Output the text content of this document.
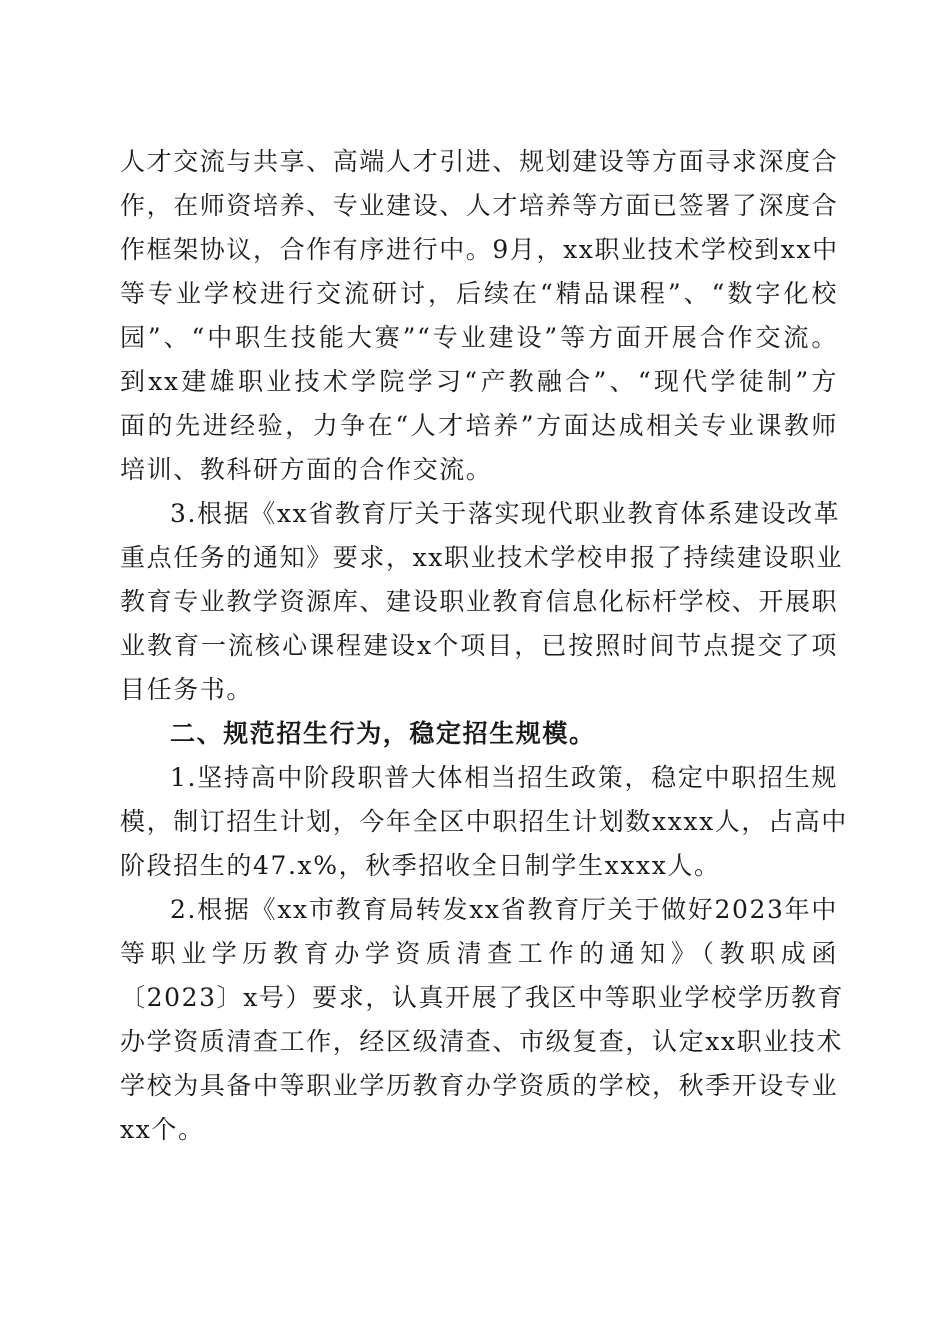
人才交流与共享、高端人才引进、规划建设等方面寻求深度合
作，在师资培养、专业建设、人才培养等方面已签署了深度合
作框架协议，合作有序进行中。9月，xx职业技术学校到xx中
等专业学校进行交流研讨，后续在“精品课程”、“数字化校
园”、“中职生技能大赛”“专业建设”等方面开展合作交流。
到xx建雄职业技术学院学习“产教融合”、“现代学徒制”方
面的先进经验，力争在“人才培养”方面达成相关专业课教师
培训、教科研方面的合作交流。
3.根据《xx省教育厅关于落实现代职业教育体系建设改革
重点任务的通知》要求，xx职业技术学校申报了持续建设职业
教育专业教学资源库、建设职业教育信息化标杆学校、开展职
业教育一流核心课程建设x个项目，已按照时间节点提交了项
目任务书。
二、规范招生行为，稳定招生规模。
1.坚持高中阶段职普大体相当招生政策，稳定中职招生规
模，制订招生计划，今年全区中职招生计划数xxxx人，占高中
阶段招生的47.x%，秋季招收全日制学生xxxx人。
2.根据《xx市教育局转发xx省教育厅关于做好2023年中
等职业学历教育办学资质清查工作的通知》（教职成函
〔2023〕x号）要求，认真开展了我区中等职业学校学历教育
办学资质清查工作，经区级清查、市级复查，认定xx职业技术
学校为具备中等职业学历教育办学资质的学校，秋季开设专业
xx个。
